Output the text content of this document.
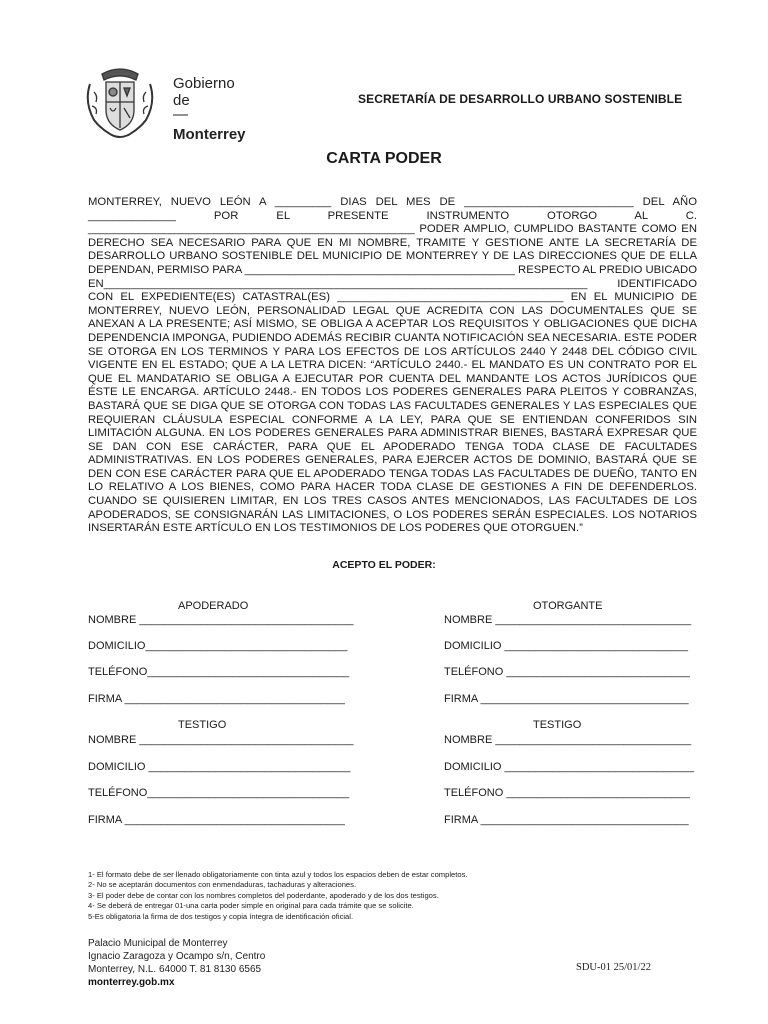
Gobierno
de
—
Monterrey
SECRETARÍA DE DESARROLLO URBANO SOSTENIBLE
CARTA PODER
MONTERREY, NUEVO LEÓN A _________ DIAS DEL MES DE ___________________________ DEL AÑO ______________ POR EL PRESENTE INSTRUMENTO OTORGO AL C. ____________________________________________________ PODER AMPLIO, CUMPLIDO BASTANTE COMO EN DERECHO SEA NECESARIO PARA QUE EN MI NOMBRE, TRAMITE Y GESTIONE ANTE LA SECRETARÍA DE DESARROLLO URBANO SOSTENIBLE DEL MUNICIPIO DE MONTERREY Y DE LAS DIRECCIONES QUE DE ELLA DEPENDAN, PERMISO PARA ___________________________________________ RESPECTO AL PREDIO UBICADO EN_____________________________________________________________________________ IDENTIFICADO CON EL EXPEDIENTE(ES) CATASTRAL(ES) ____________________________________ EN EL MUNICIPIO DE MONTERREY, NUEVO LEÓN, PERSONALIDAD LEGAL QUE ACREDITA CON LAS DOCUMENTALES QUE SE ANEXAN A LA PRESENTE; ASÍ MISMO, SE OBLIGA A ACEPTAR LOS REQUISITOS Y OBLIGACIONES QUE DICHA DEPENDENCIA IMPONGA, PUDIENDO ADEMÁS RECIBIR CUANTA NOTIFICACIÓN SEA NECESARIA. ESTE PODER SE OTORGA EN LOS TERMINOS Y PARA LOS EFECTOS DE LOS ARTÍCULOS 2440 Y 2448 DEL CÓDIGO CIVIL VIGENTE EN EL ESTADO; QUE A LA LETRA DICEN: “ARTÍCULO 2440.- EL MANDATO ES UN CONTRATO POR EL QUE EL MANDATARIO SE OBLIGA A EJECUTAR POR CUENTA DEL MANDANTE LOS ACTOS JURÍDICOS QUE ÉSTE LE ENCARGA. ARTÍCULO 2448.- EN TODOS LOS PODERES GENERALES PARA PLEITOS Y COBRANZAS, BASTARÁ QUE SE DIGA QUE SE OTORGA CON TODAS LAS FACULTADES GENERALES Y LAS ESPECIALES QUE REQUIERAN CLÁUSULA ESPECIAL CONFORME A LA LEY, PARA QUE SE ENTIENDAN CONFERIDOS SIN LIMITACIÓN ALGUNA. EN LOS PODERES GENERALES PARA ADMINISTRAR BIENES, BASTARÁ EXPRESAR QUE SE DAN CON ESE CARÁCTER, PARA QUE EL APODERADO TENGA TODA CLASE DE FACULTADES ADMINISTRATIVAS. EN LOS PODERES GENERALES, PARA EJERCER ACTOS DE DOMINIO, BASTARÁ QUE SE DEN CON ESE CARÁCTER PARA QUE EL APODERADO TENGA TODAS LAS FACULTADES DE DUEÑO, TANTO EN LO RELATIVO A LOS BIENES, COMO PARA HACER TODA CLASE DE GESTIONES A FIN DE DEFENDERLOS. CUANDO SE QUISIEREN LIMITAR, EN LOS TRES CASOS ANTES MENCIONADOS, LAS FACULTADES DE LOS APODERADOS, SE CONSIGNARÁN LAS LIMITACIONES, O LOS PODERES SERÁN ESPECIALES. LOS NOTARIOS INSERTARÁN ESTE ARTÍCULO EN LOS TESTIMONIOS DE LOS PODERES QUE OTORGUEN.”
ACEPTO EL PODER:
APODERADO
NOMBRE ___________________________________
DOMICILIO_________________________________
TELÉFONO_________________________________
FIRMA ____________________________________
OTORGANTE
NOMBRE ________________________________
DOMICILIO ______________________________
TELÉFONO ______________________________
FIRMA __________________________________
TESTIGO
NOMBRE ___________________________________
DOMICILIO _________________________________
TELÉFONO_________________________________
FIRMA ____________________________________
TESTIGO
NOMBRE ________________________________
DOMICILIO _______________________________
TELÉFONO ______________________________
FIRMA __________________________________
1- El formato debe de ser llenado obligatoriamente con tinta azul y todos los espacios deben de estar completos.
2- No se aceptarán documentos con enmendaduras, tachaduras y alteraciones.
3- El poder debe de contar con los nombres completos del poderdante, apoderado y de los dos testigos.
4- Se deberá de entregar 01-una carta poder simple en original para cada trámite que se solicite.
5-Es obligatoria la firma de dos testigos y copia íntegra de identificación oficial.
Palacio Municipal de Monterrey
Ignacio Zaragoza y Ocampo s/n, Centro
Monterrey, N.L. 64000 T. 81 8130 6565
monterrey.gob.mx
SDU-01 25/01/22
